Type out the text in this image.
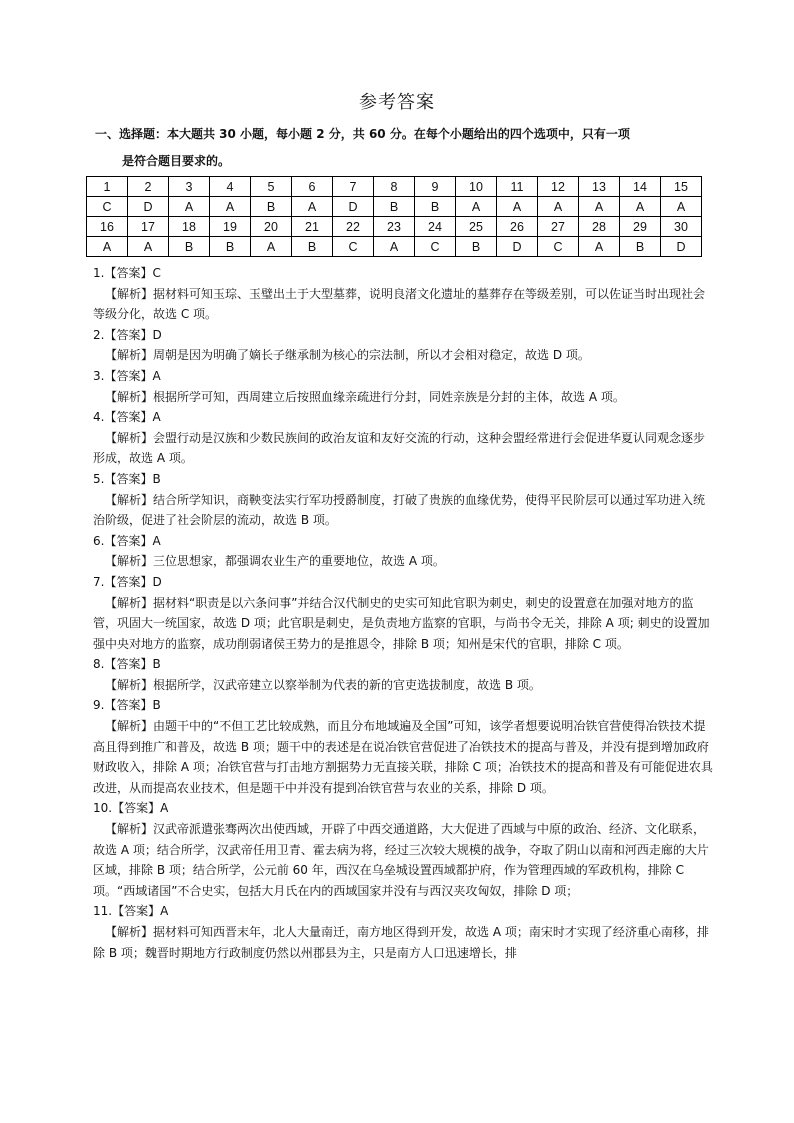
参考答案
一、选择题：本大题共 30 小题，每小题 2 分，共 60 分。在每个小题给出的四个选项中，只有一项
是符合题目要求的。
1	2	3	4	5	6	7	8	9	10	11	12	13	14	15
C	D	A	A	B	A	D	B	B	A	A	A	A	A	A
16	17	18	19	20	21	22	23	24	25	26	27	28	29	30
A	A	B	B	A	B	C	A	C	B	D	C	A	B	D

1.【答案】C

【解析】据材料可知玉琮、玉璧出土于大型墓葬，说明良渚文化遗址的墓葬存在等级差别，可以佐证当时出现社会等级分化，故选 C 项。

2.【答案】D

【解析】周朝是因为明确了嫡长子继承制为核心的宗法制，所以才会相对稳定，故选 D 项。

3.【答案】A

【解析】根据所学可知，西周建立后按照血缘亲疏进行分封，同姓亲族是分封的主体，故选 A 项。

4.【答案】A

【解析】会盟行动是汉族和少数民族间的政治友谊和友好交流的行动，这种会盟经常进行会促进华夏认同观念逐步形成，故选 A 项。

5.【答案】B

【解析】结合所学知识，商鞅变法实行军功授爵制度，打破了贵族的血缘优势，使得平民阶层可以通过军功进入统治阶级，促进了社会阶层的流动，故选 B 项。

6.【答案】A

【解析】三位思想家，都强调农业生产的重要地位，故选 A 项。

7.【答案】D

【解析】据材料“职责是以六条问事”并结合汉代制史的史实可知此官职为刺史，刺史的设置意在加强对地方的监管，巩固大一统国家，故选 D 项；此官职是刺史，是负责地方监察的官职，与尚书令无关，排除 A 项; 刺史的设置加强中央对地方的监察，成功削弱诸侯王势力的是推恩令，排除 B 项；知州是宋代的官职，排除 C 项。

8.【答案】B

【解析】根据所学，汉武帝建立以察举制为代表的新的官吏选拔制度，故选 B 项。

9.【答案】B

【解析】由题干中的“不但工艺比较成熟，而且分布地域遍及全国”可知，该学者想要说明冶铁官营使得冶铁技术提高且得到推广和普及，故选 B 项；题干中的表述是在说冶铁官营促进了冶铁技术的提高与普及，并没有提到增加政府财政收入，排除 A 项；冶铁官营与打击地方割据势力无直接关联，排除 C 项；冶铁技术的提高和普及有可能促进农具改进，从而提高农业技术，但是题干中并没有提到冶铁官营与农业的关系，排除 D 项。

10.【答案】A

【解析】汉武帝派遣张骞两次出使西域，开辟了中西交通道路，大大促进了西域与中原的政治、经济、文化联系，故选 A 项；结合所学，汉武帝任用卫青、霍去病为将，经过三次较大规模的战争，夺取了阴山以南和河西走廊的大片区域，排除 B 项；结合所学，公元前 60 年，西汉在乌垒城设置西域都护府，作为管理西域的军政机构，排除 C 项。“西域诸国”不合史实，包括大月氏在内的西域国家并没有与西汉夹攻匈奴，排除 D 项；

11.【答案】A

【解析】据材料可知西晋末年，北人大量南迁，南方地区得到开发，故选 A 项；南宋时才实现了经济重心南移，排除 B 项；魏晋时期地方行政制度仍然以州郡县为主，只是南方人口迅速增长，排
